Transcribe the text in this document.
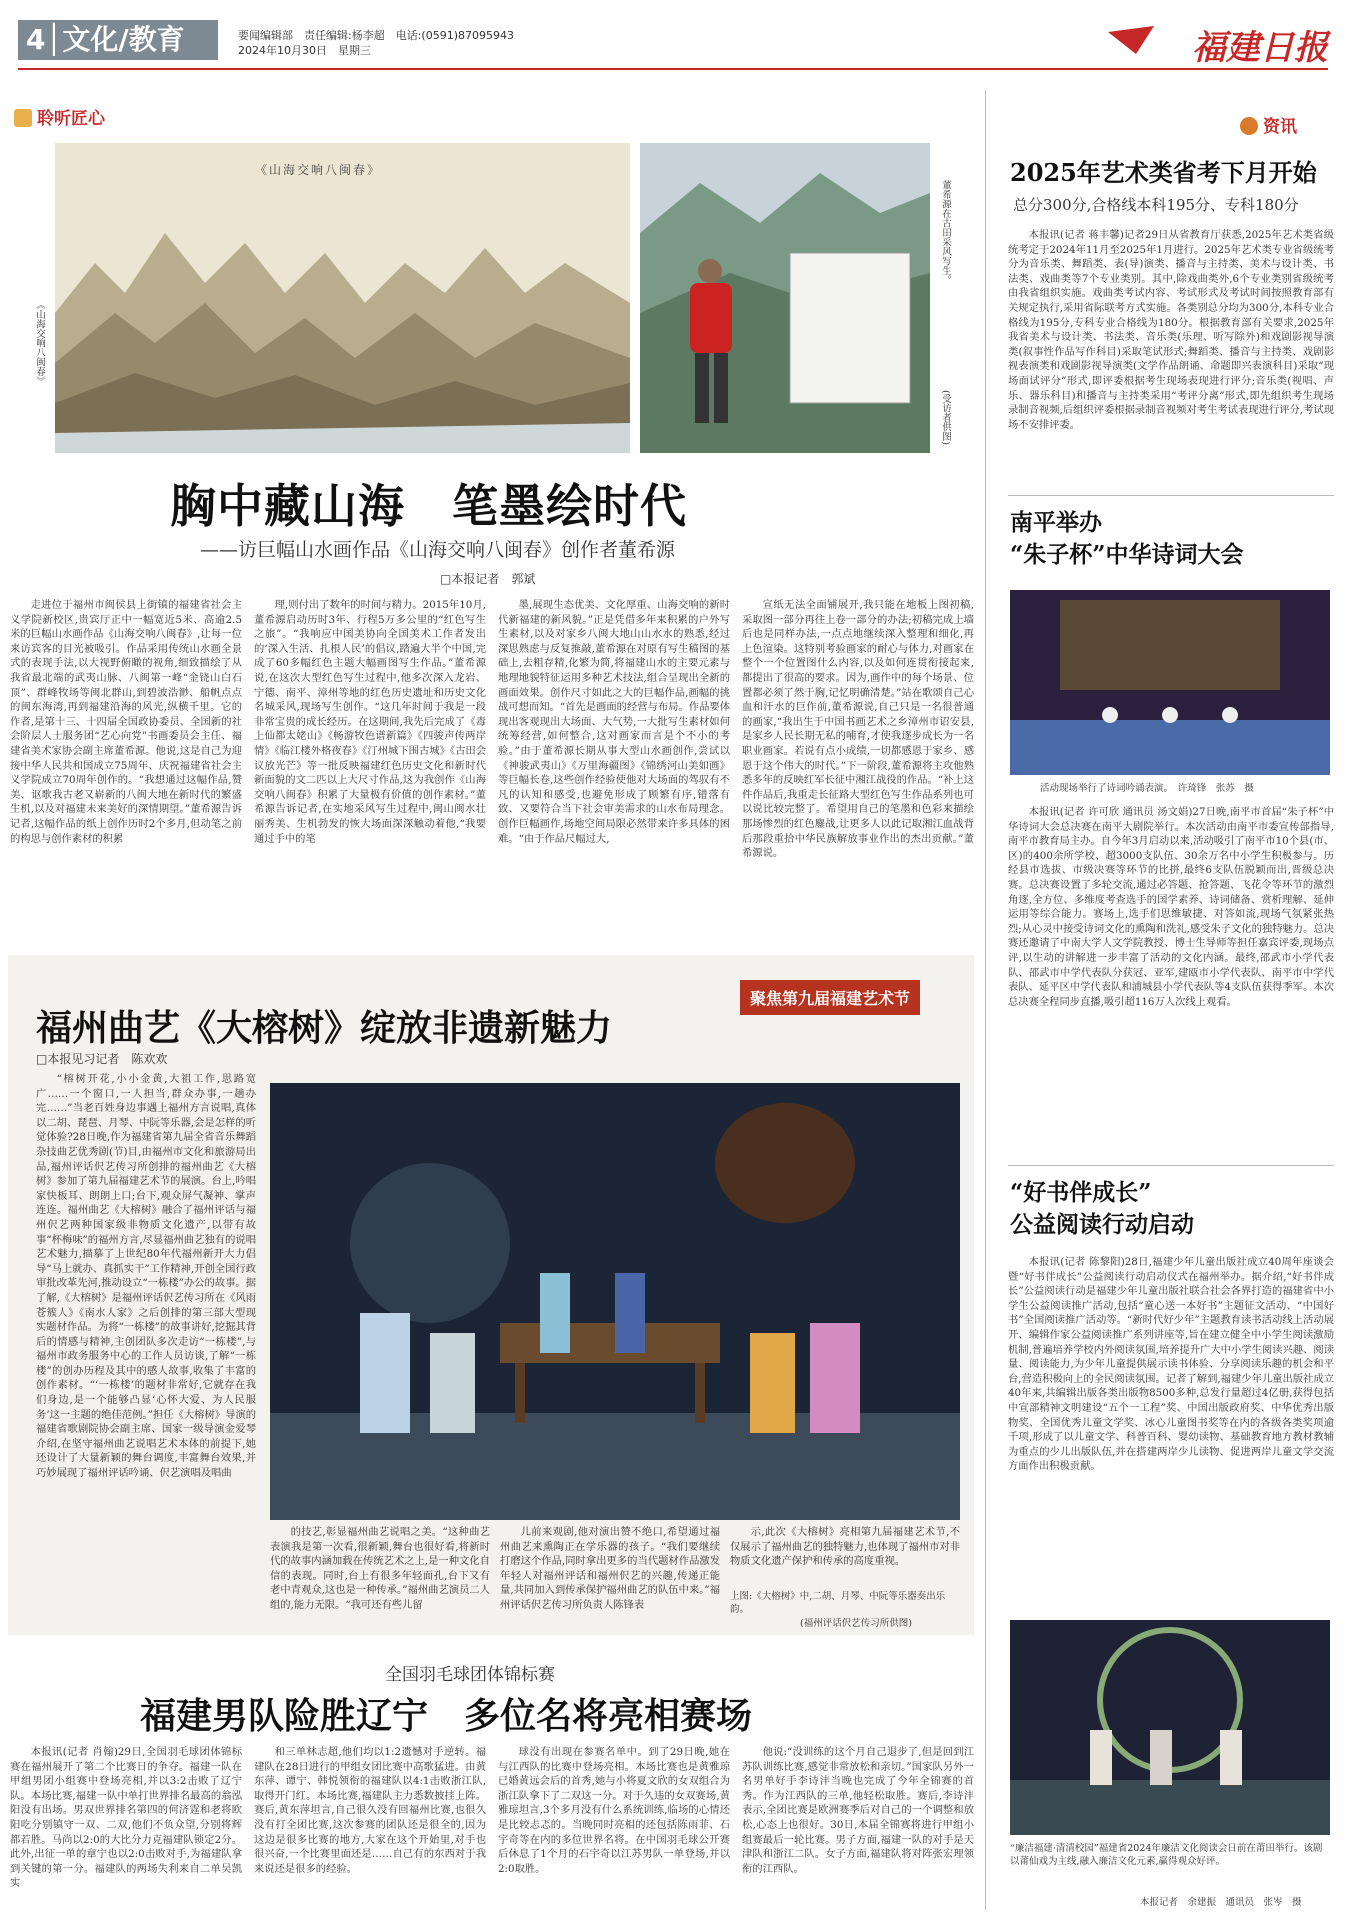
4│文化/教育	要闻编辑部　责任编辑:杨李超　电话:(0591)87095943
2024年10月30日　星期三	福建日报
聆听匠心
《山海交响八闽春》
《山海交响八闽春》
董希源在古田采风写生。
(受访者供图)
胸中藏山海　笔墨绘时代
——访巨幅山水画作品《山海交响八闽春》创作者董希源
□本报记者　郭斌

走进位于福州市闽侯县上街镇的福建省社会主义学院新校区,贵宾厅正中一幅宽近5米、高逾2.5米的巨幅山水画作品《山海交响八闽春》,让每一位来访宾客的目光被吸引。作品采用传统山水画全景式的表现手法,以大视野俯瞰的视角,细致描绘了从我省最北端的武夷山脉、八闽第一峰“金铙山白石顶”、群峰牧场等闽北群山,到碧波浩渺、船帆点点的闽东海湾,再到福建沿海的风光,纵横千里。它的作者,是第十三、十四届全国政协委员、全国新的社会阶层人士服务团“艺心向党”书画委员会主任、福建省美术家协会副主席董希源。他说,这是自己为迎接中华人民共和国成立75周年、庆祝福建省社会主义学院成立70周年创作的。“我想通过这幅作品,赞美、讴歌我古老又崭新的八闽大地在新时代的繁盛生机,以及对福建未来美好的深情期望。”董希源告诉记者,这幅作品的纸上创作历时2个多月,但动笔之前的构思与创作素材的积累

理,则付出了数年的时间与精力。2015年10月,董希源启动历时3年、行程5万多公里的“红色写生之旅”。“我响应中国美协向全国美术工作者发出的‘深入生活、扎根人民’的倡议,踏遍大半个中国,完成了60多幅红色主题大幅画图写生作品。”董希源说,在这次大型红色写生过程中,他多次深入龙岩、宁德、南平、漳州等地的红色历史遗址和历史文化名城采风,现场写生创作。“这几年时间于我是一段非常宝贵的成长经历。在这期间,我先后完成了《毒上仙都太姥山》《畅游牧色谱新篇》《四骏声传两岸情》《临江楼外格夜春》《汀州城下围古城》《古田会议放光芒》等一批反映福建红色历史文化和新时代新面貌的文二匹以上大尺寸作品,这为我创作《山海交响八闽春》积累了大量极有价值的创作素材。”董希源告诉记者,在实地采风写生过程中,闽山闽水壮丽秀美、生机勃发的恢大场面深深触动着他,“我要通过手中的笔

墨,展现生态优美、文化厚重、山海交响的新时代新福建的新风貌。”正是凭借多年来积累的户外写生素材,以及对家乡八闽大地山山水水的熟悉,经过深思熟虑与反复推敲,董希源在对原有写生稿图的基础上,去粗存精,化繁为简,将福建山水的主要元素与地理地貌特征运用多种艺术技法,组合呈现出全新的画面效果。创作尺寸如此之大的巨幅作品,画幅的挑战可想而知。“首先是画面的经营与布局。作品要体现出客观现出大场面、大气势,一大批写生素材如何统筹经营,如何整合,这对画家而言是个不小的考验。”由于董希源长期从事大型山水画创作,尝试以《神骏武夷山》《万里海疆图》《锦绣河山美如画》等巨幅长卷,这些创作经验使他对大场面的驾驭有不凡的认知和感受,也避免形成了顾繁有序,错落有致、又要符合当下社会审美需求的山水布局理念。创作巨幅画作,场地空间局限必然带来许多具体的困难。“由于作品尺幅过大,

宣纸无法全面铺展开,我只能在地板上图初稿,采取图一部分再往上卷一部分的办法;初稿完成上墙后也是同样办法,一点点地继续深入整理和细化,再上色渲染。这特别考验画家的耐心与体力,对画家在整个一个位置图什么内容,以及如何连贯衔接起来,都提出了很高的要求。因为,画作中的每个场景、位置都必须了然于胸,记忆明确清楚。”站在歌颂自己心血和汗水的巨作前,董希源说,自己只是一名很普通的画家,“我出生于中国书画艺术之乡漳州市诏安县,是家乡人民长期无私的哺育,才使我逐步成长为一名职业画家。若说有点小成绩,一切都感恩于家乡、感恩于这个伟大的时代。”下一阶段,董希源将主攻他熟悉多年的反映红军长征中湘江战役的作品。“补上这件作品后,我重走长征路大型红色写生作品系列也可以说比较完整了。希望用自己的笔墨和色彩来描绘那场惨烈的红色鏖战,让更多人以此记取湘江血战背后那段重拾中华民族解放事业作出的杰出贡献。”董希源说。

福州曲艺《大榕树》绽放非遗新魅力
聚焦第九届福建艺术节
□本报见习记者　陈欢欢

“榕树开花,小小金黄,大祖工作,思路宽广……一个窗口,一人担当,群众办事,一趟办完……”当老百姓身边事遇上福州方言说唱,真体以二胡、琵琶、月琴、中阮等乐器,会是怎样的听觉体验?28日晚,作为福建省第九届全省音乐舞蹈杂技曲艺优秀剧(节)目,由福州市文化和旅游局出品,福州评话伬艺传习所创排的福州曲艺《大榕树》参加了第九届福建艺术节的展演。台上,吟唱家快板耳、朗朗上口;台下,观众屏气凝神、掌声连连。福州曲艺《大榕树》融合了福州评话与福州伬艺两种国家级非物质文化遗产,以带有故事“杯梅味”的福州方言,尽显福州曲艺独有的说唱艺术魅力,描摹了上世纪80年代福州新开大力倡导“马上就办、真抓实干”工作精神,开创全国行政审批改革先河,推动设立“一栋楼”办公的故事。据了解,《大榕树》是福州评话伬艺传习所在《风雨苍簇人》《南水人家》之后创排的第三部大型现实题材作品。为将“一栋楼”的故事讲好,挖掘其背后的情感与精神,主创团队多次走访“一栋楼”,与福州市政务服务中心的工作人员访谈,了解“一栋楼”的创办历程及其中的感人故事,收集了丰富的创作素材。“‘一栋楼’的题材非常好,它就存在我们身边,是一个能够凸显‘心怀大爱、为人民服务’这一主题的绝佳范例。”担任《大榕树》导演的福建省歌剧院协会副主席、国家一级导演金爱琴介绍,在坚守福州曲艺说唱艺术本体的前提下,她还设计了大量新颖的舞台调度,丰富舞台效果,并巧妙展现了福州评话吟诵、伬艺演唱及唱曲

的技艺,彰显福州曲艺说唱之美。“这种曲艺表演我是第一次看,很新颖,舞台也很好看,将新时代的故事内涵加载在传统艺术之上,是一种文化自信的表现。同时,台上有很多年轻面孔,台下又有老中青观众,这也是一种传承。”福州曲艺演员二人组的,能力无限。“我可还有些儿留

儿前来观剧,他对演出赞不绝口,希望通过福州曲艺来熏陶正在学乐器的孩子。“我们要继续打磨这个作品,同时拿出更多的当代题材作品激发年轻人对福州评话和福州伬艺的兴趣,传递正能量,共同加入到传承保护福州曲艺的队伍中来。”福州评话伬艺传习所负责人陈锋表

示,此次《大榕树》亮相第九届福建艺术节,不仅展示了福州曲艺的独特魅力,也体现了福州市对非物质文化遗产保护和传承的高度重视。

上图:《大榕树》中,二胡、月琴、中阮等乐器奏出乐韵。
(福州评话伬艺传习所供图)
全国羽毛球团体锦标赛
福建男队险胜辽宁　多位名将亮相赛场

本报讯(记者 肖翰)29日,全国羽毛球团体锦标赛在福州展开了第二个比赛日的争夺。福建一队在甲组男团小组赛中登场亮相,并以3:2击败了辽宁队。本场比赛,福建一队中单打世界排名最高的翁泓阳没有出场。男双世界排名第四的何济霆和老将欧阳吃分别镇守一双、二双,他们不负众望,分别将辉都若胜。马尚以2:0的大比分力克福建队锁定2分。此外,出征一单的章宁也以2:0击败对手,为福建队拿到关键的第一分。福建队的两场失利来自二单吴凯实

和三单林志超,他们均以1:2遗憾对手逆转。福建队在28日进行的甲组女团比赛中高歌猛进。由黄东萍、谭宁、韩悦领衔的福建队以4:1击败浙江队,取得开门红。本场比赛,福建队主力悉数披挂上阵。赛后,黄东萍坦言,自己很久没有回福州比赛,也很久没有打全团比赛,这次参赛的团队还是很全的,因为这边是很多比赛的地方,大家在这个开始里,对手也很兴奋,一个比赛里面还是……自己有的东西对于我来说还是很多的经验。

球没有出现在参赛名单中。到了29日晚,她在与江西队的比赛中登场亮相。本场比赛也是黄雅琼已婚黄远会后的首秀,她与小将夏文欣的女双组合为浙江队拿下了二双这一分。对于久违的女双赛场,黄雅琼坦言,3个多月没有什么系统训练,临场的心情还是比较忐忑的。当晚同时亮相的还包括陈雨菲、石宇奇等在内的多位世界名将。在中国羽毛球公开赛后休息了1个月的石宇奇以江苏男队一单登场,并以2:0取胜。

他说:“没训练的这个月自己退步了,但是回到江苏队训练比赛,感觉非常放松和亲切。”国家队另外一名男单好手李诗沣当晚也完成了今年全锦赛的首秀。作为江西队的三单,他轻松取胜。赛后,李诗沣表示,全团比赛是欧洲赛季后对自己的一个调整和放松,心态上也很好。30日,本届全锦赛将进行甲组小组赛最后一轮比赛。男子方面,福建一队的对手是天津队和浙江二队。女子方面,福建队将对阵张宏理领衔的江西队。

资讯
2025年艺术类省考下月开始
总分300分,合格线本科195分、专科180分

本报讯(记者 蒋丰馨)记者29日从省教育厅获悉,2025年艺术类省级统考定于2024年11月至2025年1月进行。2025年艺术类专业省级统考分为音乐类、舞蹈类、表(导)演类、播音与主持类、美术与设计类、书法类、戏曲类等7个专业类别。其中,除戏曲类外,6个专业类别省级统考由我省组织实施。戏曲类考试内容、考试形式及考试时间按照教育部有关规定执行,采用省际联考方式实施。各类别总分均为300分,本科专业合格线为195分,专科专业合格线为180分。根据教育部有关要求,2025年我省美术与设计类、书法类、音乐类(乐理、听写除外)和戏剧影视导演类(叙事性作品写作科目)采取笔试形式;舞蹈类、播音与主持类、戏剧影视表演类和戏剧影视导演类(文学作品朗诵、命题即兴表演科目)采取“现场面试评分”形式,即评委根据考生现场表现进行评分;音乐类(视唱、声乐、器乐科目)和播音与主持类采用“考评分离”形式,即先组织考生现场录制音视频,后组织评委根据录制音视频对考生考试表现进行评分,考试现场不安排评委。

南平举办
“朱子杯”中华诗词大会
活动现场举行了诗词吟诵表演。　许琦锋　张苏　摄

本报讯(记者 许可欣 通讯员 汤文娟)27日晚,南平市首届“朱子杯”中华诗词大会总决赛在南平大剧院举行。本次活动由南平市委宣传部指导,南平市教育局主办。自今年3月启动以来,活动吸引了南平市10个县(市、区)的400余所学校、超3000支队伍、30余万名中小学生积极参与。历经县市选拔、市级决赛等环节的比拼,最终6支队伍脱颖而出,晋级总决赛。总决赛设置了多轮交流,通过必答题、抢答题、飞花令等环节的激烈角逐,全方位、多维度考查选手的国学素养、诗词储备、赏析理解、延伸运用等综合能力。赛场上,选手们思维敏捷、对答如流,现场气氛紧张热烈;从心灵中接受诗词文化的熏陶和洗礼,感受朱子文化的独特魅力。总决赛还邀请了中南大学人文学院教授、博士生导师等担任嘉宾评委,现场点评,以生动的讲解进一步丰富了活动的文化内涵。最终,邵武市小学代表队、邵武市中学代表队分获冠、亚军,建瓯市小学代表队、南平市中学代表队、延平区中学代表队和浦城县小学代表队等4支队伍获得季军。本次总决赛全程同步直播,吸引超116万人次线上观看。

“好书伴成长”
公益阅读行动启动

本报讯(记者 陈黎阳)28日,福建少年儿童出版社成立40周年座谈会暨“好书伴成长”公益阅读行动启动仪式在福州举办。据介绍,“好书伴成长”公益阅读行动是福建少年儿童出版社联合社会各界打造的福建省中小学生公益阅读推广活动,包括“童心送一本好书”主题征文活动、“中国好书”全国阅读推广活动等。“新时代好少年”主题教育读书活动线上活动展开、编辑作家公益阅读推广系列讲座等,旨在建立健全中小学生阅读激励机制,普遍培养学校内外阅读氛围,培养提升广大中小学生阅读兴趣、阅读量、阅读能力,为少年儿童提供展示读书体验、分享阅读乐趣的机会和平台,营造积极向上的全民阅读氛围。记者了解到,福建少年儿童出版社成立40年来,共编辑出版各类出版物8500多种,总发行量超过4亿册,获得包括中宣部精神文明建设“五个一工程”奖、中国出版政府奖、中华优秀出版物奖、全国优秀儿童文学奖、冰心儿童图书奖等在内的各级各类奖项逾千项,形成了以儿童文学、科普百科、婴幼读物、基础教育地方教材教辅为重点的少儿出版队伍,并在搭建两岸少儿读物、促进两岸儿童文学交流方面作出积极贡献。

“廉洁福建·清清校园”福建省2024年廉洁文化阅读会日前在莆田举行。该剧以莆仙戏为主线,融入廉洁文化元素,赢得观众好评。
本报记者　余建振　通讯员　张岑　摄
